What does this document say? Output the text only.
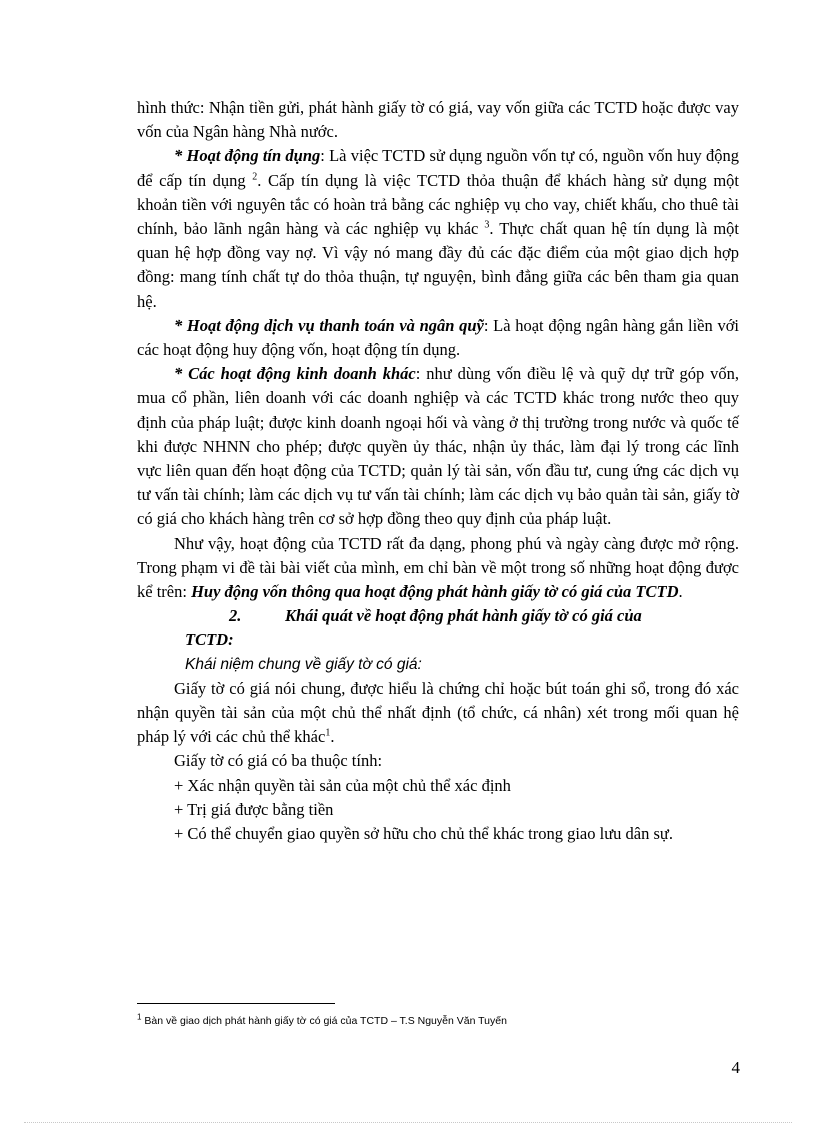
hình thức: Nhận tiền gửi, phát hành giấy tờ có giá, vay vốn giữa các TCTD hoặc được vay vốn của Ngân hàng Nhà nước.

* Hoạt động tín dụng: Là việc TCTD sử dụng nguồn vốn tự có, nguồn vốn huy động để cấp tín dụng $^2$. Cấp tín dụng là việc TCTD thỏa thuận để khách hàng sử dụng một khoản tiền với nguyên tắc có hoàn trả bằng các nghiệp vụ cho vay, chiết khấu, cho thuê tài chính, bảo lãnh ngân hàng và các nghiệp vụ khác $^3$. Thực chất quan hệ tín dụng là một quan hệ hợp đồng vay nợ. Vì vậy nó mang đầy đủ các đặc điểm của một giao dịch hợp đồng: mang tính chất tự do thỏa thuận, tự nguyện, bình đẳng giữa các bên tham gia quan hệ.

* Hoạt động dịch vụ thanh toán và ngân quỹ: Là hoạt động ngân hàng gắn liền với các hoạt động huy động vốn, hoạt động tín dụng.

* Các hoạt động kinh doanh khác: như dùng vốn điều lệ và quỹ dự trữ góp vốn, mua cổ phần, liên doanh với các doanh nghiệp và các TCTD khác trong nước theo quy định của pháp luật; được kinh doanh ngoại hối và vàng ở thị trường trong nước và quốc tế khi được NHNN cho phép; được quyền ủy thác, nhận ủy thác, làm đại lý trong các lĩnh vực liên quan đến hoạt động của TCTD; quản lý tài sản, vốn đầu tư, cung ứng các dịch vụ tư vấn tài chính; làm các dịch vụ tư vấn tài chính; làm các dịch vụ bảo quản tài sản, giấy tờ có giá cho khách hàng trên cơ sở hợp đồng theo quy định của pháp luật.

Như vậy, hoạt động của TCTD rất đa dạng, phong phú và ngày càng được mở rộng. Trong phạm vi đề tài bài viết của mình, em chỉ bàn về một trong số những hoạt động được kể trên: Huy động vốn thông qua hoạt động phát hành giấy tờ có giá của TCTD.

2.	Khái quát về hoạt động phát hành giấy tờ có giá của

TCTD:

Khái niệm chung về giấy tờ có giá:

Giấy tờ có giá nói chung, được hiểu là chứng chỉ hoặc bút toán ghi sổ, trong đó xác nhận quyền tài sản của một chủ thể nhất định (tổ chức, cá nhân) xét trong mối quan hệ pháp lý với các chủ thể khác$^1$.

Giấy tờ có giá có ba thuộc tính:

+ Xác nhận quyền tài sản của một chủ thể xác định

+ Trị giá được bằng tiền

+ Có thể chuyển giao quyền sở hữu cho chủ thể khác trong giao lưu dân sự.

$^1$ Bàn về giao dịch phát hành giấy tờ có giá của TCTD – T.S Nguyễn Văn Tuyến
4
